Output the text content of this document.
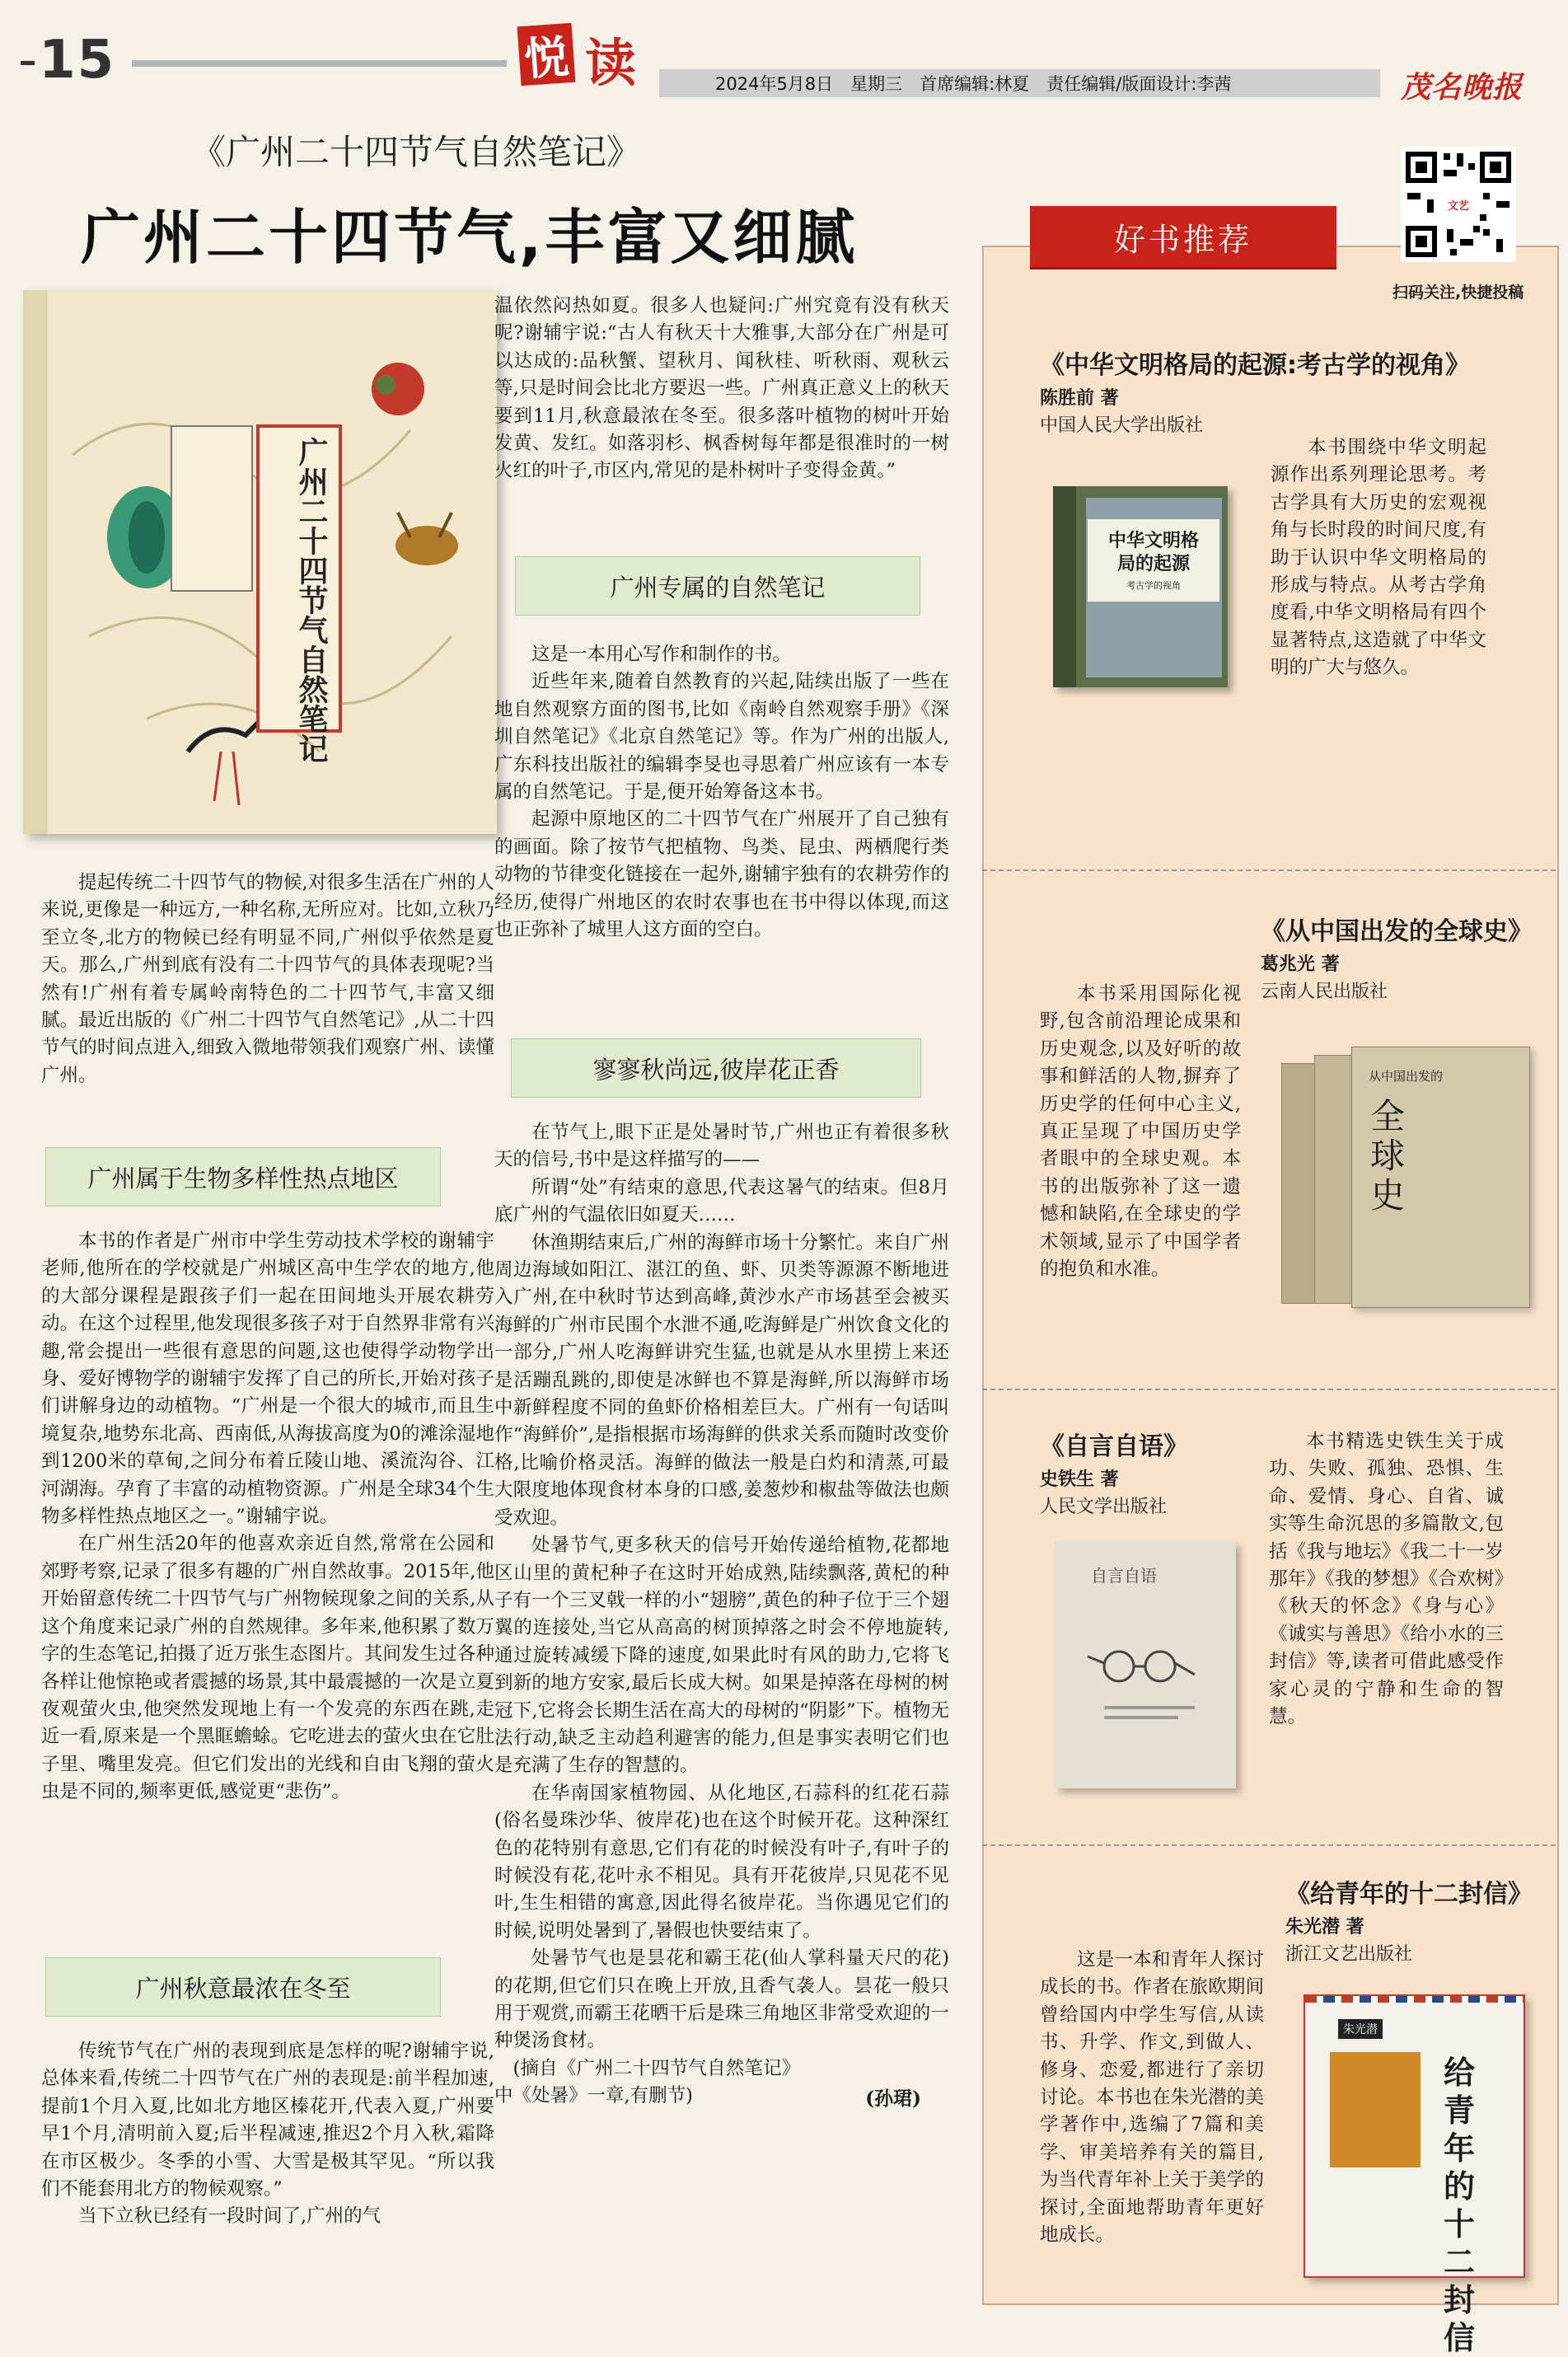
-15	悦 读	2024年5月8日　星期三　首席编辑:林夏　责任编辑/版面设计:李茜	茂名晚报
《广州二十四节气自然笔记》
广州二十四节气,丰富又细腻
广州二十四节气自然笔记

提起传统二十四节气的物候,对很多生活在广州的人来说,更像是一种远方,一种名称,无所应对。比如,立秋乃至立冬,北方的物候已经有明显不同,广州似乎依然是夏天。那么,广州到底有没有二十四节气的具体表现呢?当然有!广州有着专属岭南特色的二十四节气,丰富又细腻。最近出版的《广州二十四节气自然笔记》,从二十四节气的时间点进入,细致入微地带领我们观察广州、读懂广州。

广州属于生物多样性热点地区

本书的作者是广州市中学生劳动技术学校的谢辅宇老师,他所在的学校就是广州城区高中生学农的地方,他的大部分课程是跟孩子们一起在田间地头开展农耕劳动。在这个过程里,他发现很多孩子对于自然界非常有兴趣,常会提出一些很有意思的问题,这也使得学动物学出身、爱好博物学的谢辅宇发挥了自己的所长,开始对孩子们讲解身边的动植物。“广州是一个很大的城市,而且生境复杂,地势东北高、西南低,从海拔高度为0的滩涂湿地到1200米的草甸,之间分布着丘陵山地、溪流沟谷、江河湖海。孕育了丰富的动植物资源。广州是全球34个生物多样性热点地区之一。”谢辅宇说。

在广州生活20年的他喜欢亲近自然,常常在公园和郊野考察,记录了很多有趣的广州自然故事。2015年,他开始留意传统二十四节气与广州物候现象之间的关系,从这个角度来记录广州的自然规律。多年来,他积累了数万字的生态笔记,拍摄了近万张生态图片。其间发生过各种各样让他惊艳或者震撼的场景,其中最震撼的一次是立夏夜观萤火虫,他突然发现地上有一个发亮的东西在跳,走近一看,原来是一个黑眶蟾蜍。它吃进去的萤火虫在它肚子里、嘴里发亮。但它们发出的光线和自由飞翔的萤火虫是不同的,频率更低,感觉更“悲伤”。

广州秋意最浓在冬至

传统节气在广州的表现到底是怎样的呢?谢辅宇说,总体来看,传统二十四节气在广州的表现是:前半程加速,提前1个月入夏,比如北方地区榛花开,代表入夏,广州要早1个月,清明前入夏;后半程减速,推迟2个月入秋,霜降在市区极少。冬季的小雪、大雪是极其罕见。“所以我们不能套用北方的物候观察。”

当下立秋已经有一段时间了,广州的气

温依然闷热如夏。很多人也疑问:广州究竟有没有秋天呢?谢辅宇说:“古人有秋天十大雅事,大部分在广州是可以达成的:品秋蟹、望秋月、闻秋桂、听秋雨、观秋云等,只是时间会比北方要迟一些。广州真正意义上的秋天要到11月,秋意最浓在冬至。很多落叶植物的树叶开始发黄、发红。如落羽杉、枫香树每年都是很准时的一树火红的叶子,市区内,常见的是朴树叶子变得金黄。”

广州专属的自然笔记

这是一本用心写作和制作的书。

近些年来,随着自然教育的兴起,陆续出版了一些在地自然观察方面的图书,比如《南岭自然观察手册》《深圳自然笔记》《北京自然笔记》等。作为广州的出版人,广东科技出版社的编辑李旻也寻思着广州应该有一本专属的自然笔记。于是,便开始筹备这本书。

起源中原地区的二十四节气在广州展开了自己独有的画面。除了按节气把植物、鸟类、昆虫、两栖爬行类动物的节律变化链接在一起外,谢辅宇独有的农耕劳作的经历,使得广州地区的农时农事也在书中得以体现,而这也正弥补了城里人这方面的空白。

寥寥秋尚远,彼岸花正香

在节气上,眼下正是处暑时节,广州也正有着很多秋天的信号,书中是这样描写的——

所谓“处”有结束的意思,代表这暑气的结束。但8月底广州的气温依旧如夏天……

休渔期结束后,广州的海鲜市场十分繁忙。来自广州周边海域如阳江、湛江的鱼、虾、贝类等源源不断地进入广州,在中秋时节达到高峰,黄沙水产市场甚至会被买海鲜的广州市民围个水泄不通,吃海鲜是广州饮食文化的一部分,广州人吃海鲜讲究生猛,也就是从水里捞上来还是活蹦乱跳的,即使是冰鲜也不算是海鲜,所以海鲜市场中新鲜程度不同的鱼虾价格相差巨大。广州有一句话叫作“海鲜价”,是指根据市场海鲜的供求关系而随时改变价格,比喻价格灵活。海鲜的做法一般是白灼和清蒸,可最大限度地体现食材本身的口感,姜葱炒和椒盐等做法也颇受欢迎。

处暑节气,更多秋天的信号开始传递给植物,花都地区山里的黄杞种子在这时开始成熟,陆续飘落,黄杞的种子有一个三叉戟一样的小“翅膀”,黄色的种子位于三个翅翼的连接处,当它从高高的树顶掉落之时会不停地旋转,通过旋转减缓下降的速度,如果此时有风的助力,它将飞到新的地方安家,最后长成大树。如果是掉落在母树的树冠下,它将会长期生活在高大的母树的“阴影”下。植物无法行动,缺乏主动趋利避害的能力,但是事实表明它们也是充满了生存的智慧的。

在华南国家植物园、从化地区,石蒜科的红花石蒜(俗名曼珠沙华、彼岸花)也在这个时候开花。这种深红色的花特别有意思,它们有花的时候没有叶子,有叶子的时候没有花,花叶永不相见。具有开花彼岸,只见花不见叶,生生相错的寓意,因此得名彼岸花。当你遇见它们的时候,说明处暑到了,暑假也快要结束了。

处暑节气也是昙花和霸王花(仙人掌科量天尺的花)的花期,但它们只在晚上开放,且香气袭人。昙花一般只用于观赏,而霸王花晒干后是珠三角地区非常受欢迎的一种煲汤食材。

(摘自《广州二十四节气自然笔记》中《处暑》一章,有删节)	(孙珺)
好书推荐
文艺
扫码关注,快捷投稿

《中华文明格局的起源:考古学的视角》

陈胜前 著

中国人民大学出版社

中华文明格局的起源
考古学的视角

本书围绕中华文明起源作出系列理论思考。考古学具有大历史的宏观视角与长时段的时间尺度,有助于认识中华文明格局的形成与特点。从考古学角度看,中华文明格局有四个显著特点,这造就了中华文明的广大与悠久。

《从中国出发的全球史》

葛兆光 著

云南人民出版社

本书采用国际化视野,包含前沿理论成果和历史观念,以及好听的故事和鲜活的人物,摒弃了历史学的任何中心主义,真正呈现了中国历史学者眼中的全球史观。本书的出版弥补了这一遗憾和缺陷,在全球史的学术领域,显示了中国学者的抱负和水准。

从中国出发的
全球史

《自言自语》

史铁生 著

人民文学出版社

自言自语

本书精选史铁生关于成功、失败、孤独、恐惧、生命、爱情、身心、自省、诚实等生命沉思的多篇散文,包括《我与地坛》《我二十一岁那年》《我的梦想》《合欢树》《秋天的怀念》《身与心》《诚实与善思》《给小水的三封信》等,读者可借此感受作家心灵的宁静和生命的智慧。

《给青年的十二封信》

朱光潜 著

浙江文艺出版社

这是一本和青年人探讨成长的书。作者在旅欧期间曾给国内中学生写信,从读书、升学、作文,到做人、修身、恋爱,都进行了亲切讨论。本书也在朱光潜的美学著作中,选编了7篇和美学、审美培养有关的篇目,为当代青年补上关于美学的探讨,全面地帮助青年更好地成长。

朱光潜
给青年的十二封信
